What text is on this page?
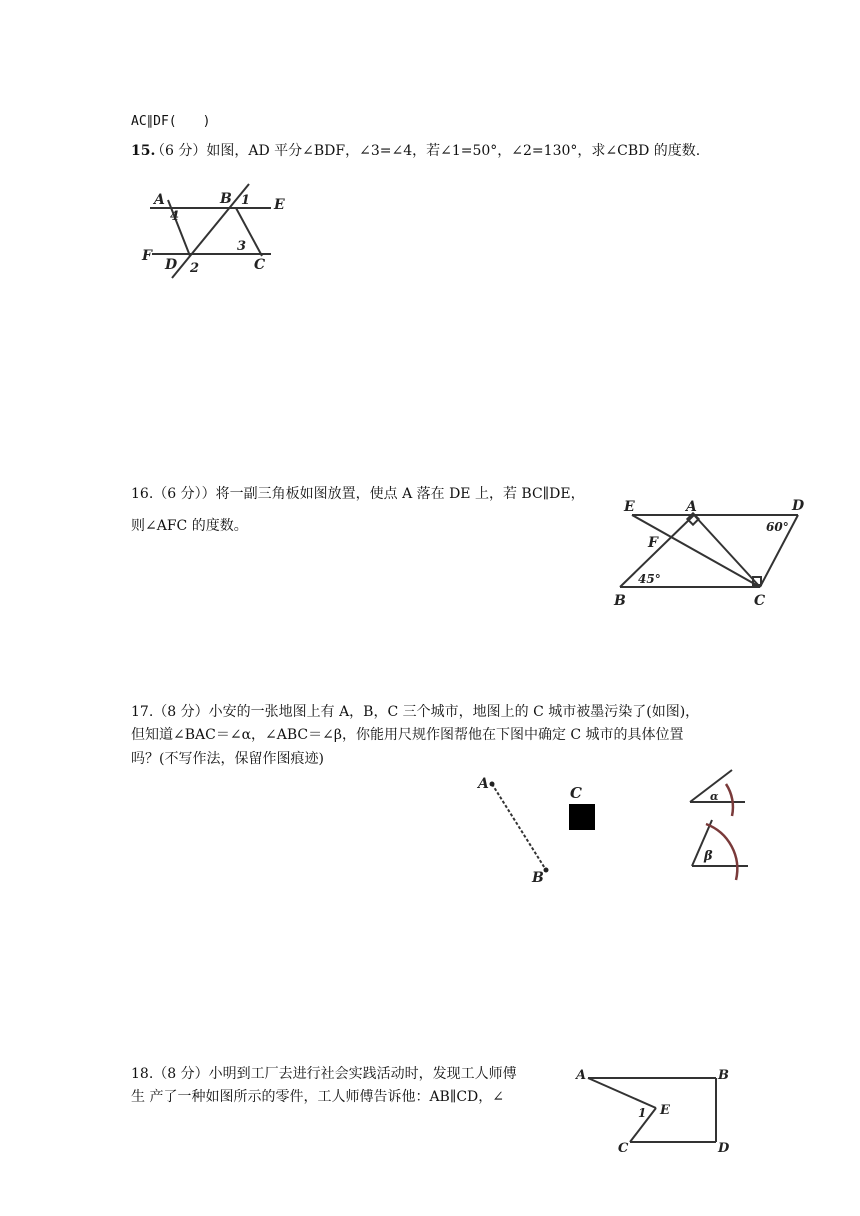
AC∥DF(　　)
15.
（6 分）如图，AD 平分∠BDF，∠3=∠4，若∠1=50°，∠2=130°，求∠CBD 的度数.
A
4
B 1 E
3
F
D 2	C
16.（6 分））将一副三角板如图放置，使点 A 落在 DE 上，若 BC∥DE，
则∠AFC 的度数。
E	A	D
60°
F
45°
B	C
17.（8 分）小安的一张地图上有 A，B，C 三个城市，地图上的 C 城市被墨污染了(如图)，
但知道∠BAC＝∠α，∠ABC＝∠β，你能用尺规作图帮他在下图中确定 C 城市的具体位置
吗？(不写作法，保留作图痕迹)
A
B
C	α
β
18.（8 分）小明到工厂去进行社会实践活动时，发现工人师傅
生 产了一种如图所示的零件，工人师傅告诉他：AB∥CD，∠
A	B
1 E
C	D
